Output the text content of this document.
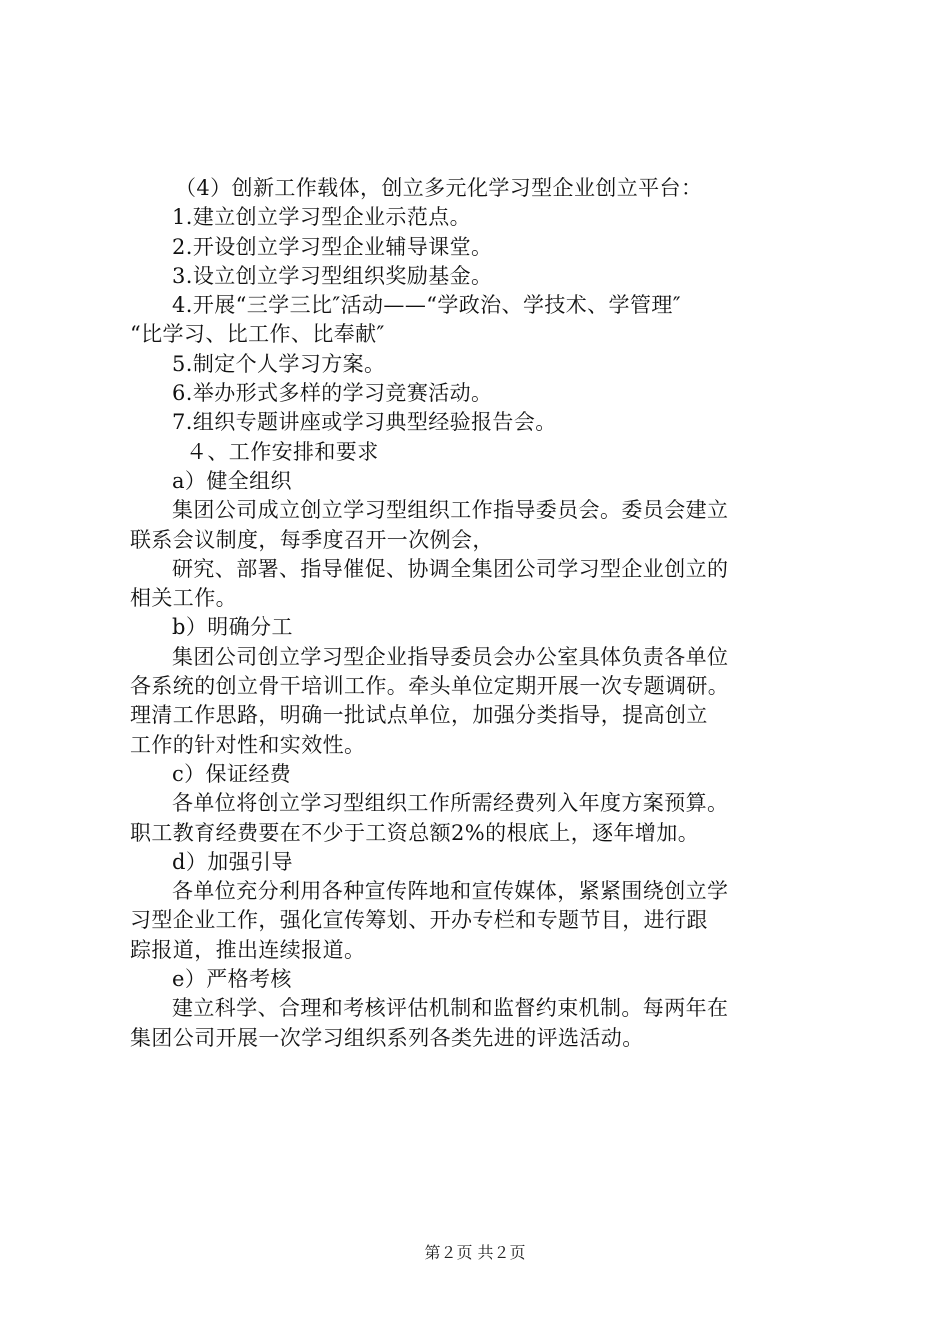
（4）创新工作载体，创立多元化学习型企业创立平台：

1.建立创立学习型企业示范点。

2.开设创立学习型企业辅导课堂。

3.设立创立学习型组织奖励基金。

4.开展“三学三比″活动——“学政治、学技术、学管理″

“比学习、比工作、比奉献″

5.制定个人学习方案。

6.举办形式多样的学习竞赛活动。

7.组织专题讲座或学习典型经验报告会。

４、工作安排和要求

a）健全组织

集团公司成立创立学习型组织工作指导委员会。委员会建立

联系会议制度，每季度召开一次例会，

研究、部署、指导催促、协调全集团公司学习型企业创立的

相关工作。

b）明确分工

集团公司创立学习型企业指导委员会办公室具体负责各单位

各系统的创立骨干培训工作。牵头单位定期开展一次专题调研。

理清工作思路，明确一批试点单位，加强分类指导，提高创立

工作的针对性和实效性。

c）保证经费

各单位将创立学习型组织工作所需经费列入年度方案预算。

职工教育经费要在不少于工资总额2%的根底上，逐年增加。

d）加强引导

各单位充分利用各种宣传阵地和宣传媒体，紧紧围绕创立学

习型企业工作，强化宣传筹划、开办专栏和专题节目，进行跟

踪报道，推出连续报道。

e）严格考核

建立科学、合理和考核评估机制和监督约束机制。每两年在

集团公司开展一次学习组织系列各类先进的评选活动。

第２页 共２页
